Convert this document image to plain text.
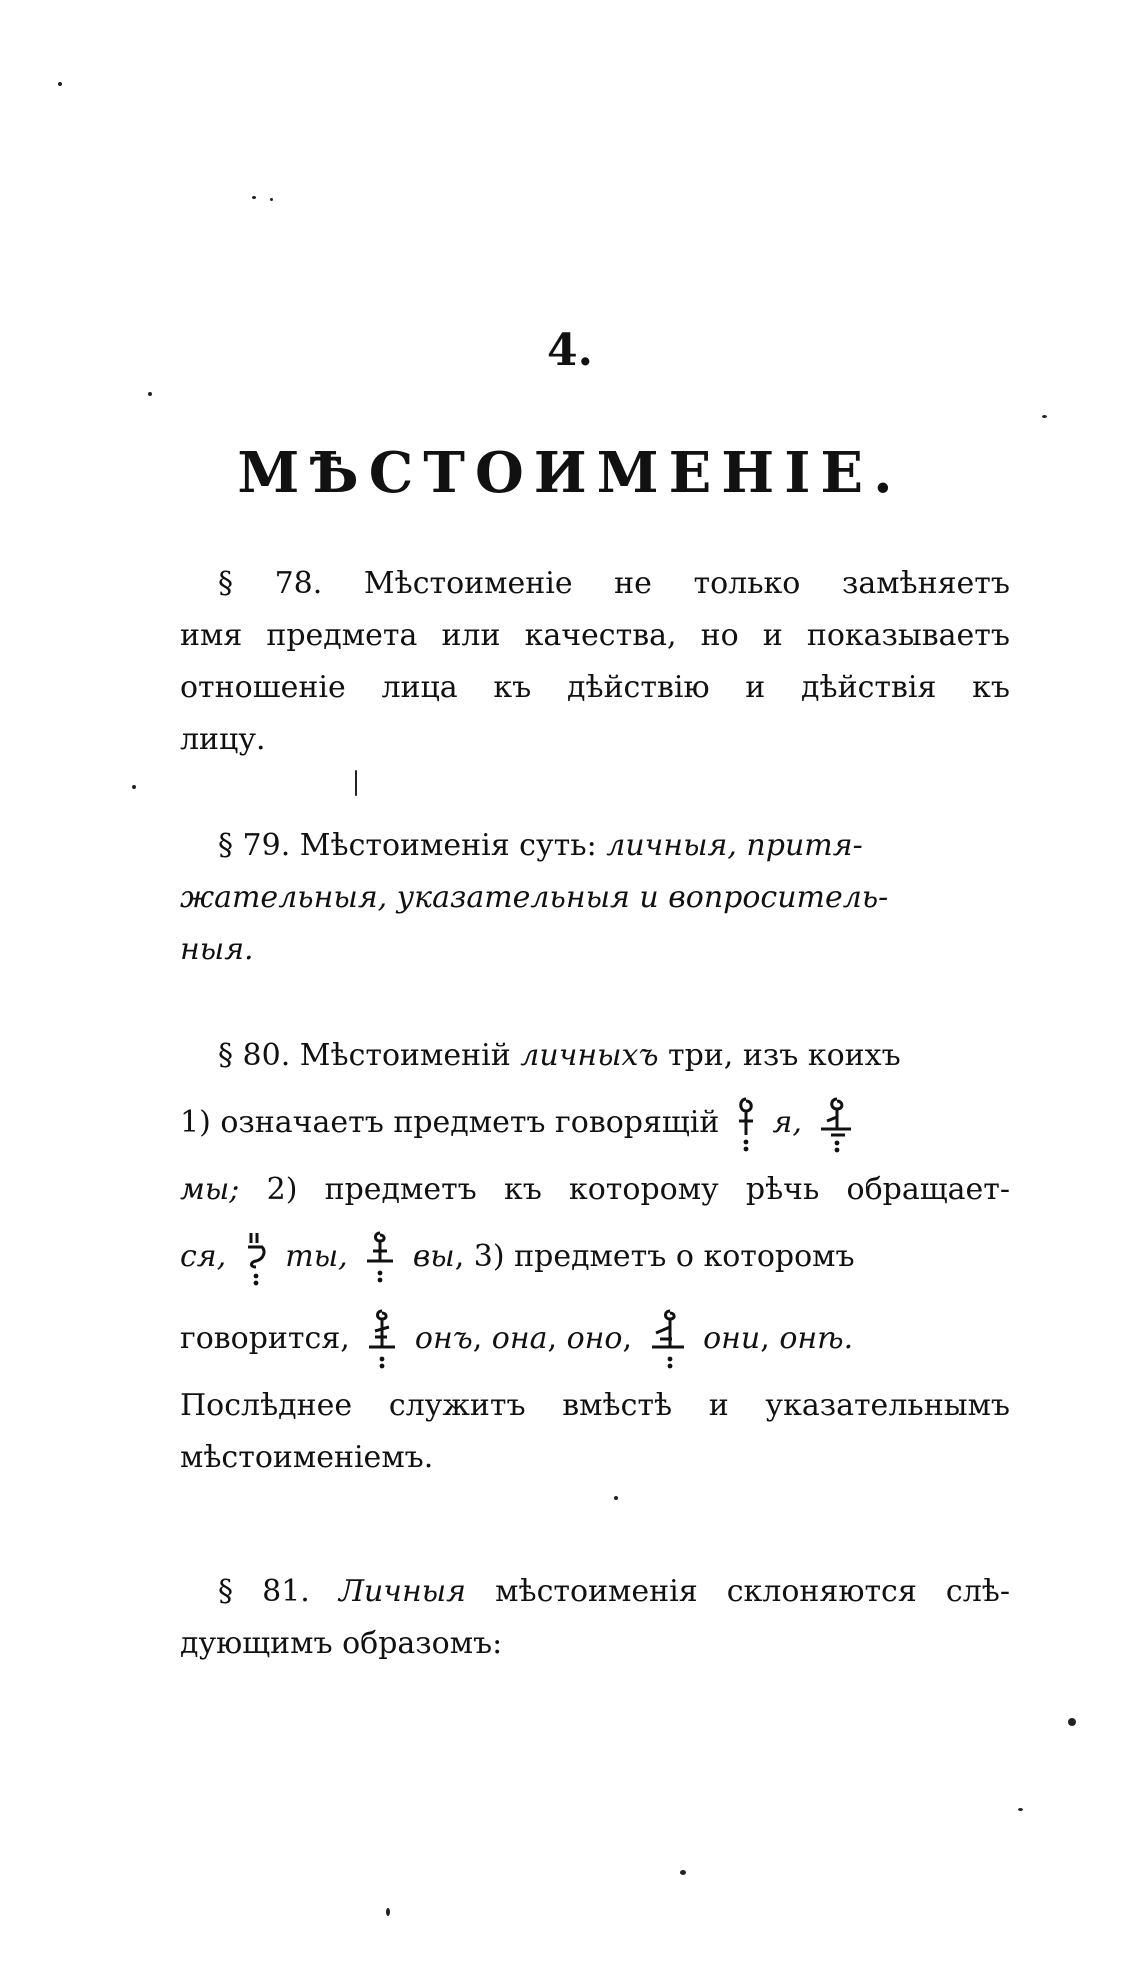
4.
МѢСТОИМЕНІЕ.
§ 78. Мѣстоименіе не только замѣняетъ
имя предмета или качества, но и показываетъ
отношеніе лица къ дѣйствію и дѣйствія къ
лицу.
§ 79. Мѣстоименія суть: личныя, притя-
жательныя, указательныя и вопроситель-
ныя.
§ 80. Мѣстоименій личныхъ три, изъ коихъ
1) означаетъ предметъ говорящій я,
мы; 2) предметъ къ которому рѣчь обращает-
ся, ты, вы, 3) предметъ о которомъ
говорится, онъ, она, оно,
они, онѣ.
Послѣднее служитъ вмѣстѣ и указательнымъ
мѣстоименіемъ.
§ 81. Личныя мѣстоименія склоняются слѣ-
дующимъ образомъ:
